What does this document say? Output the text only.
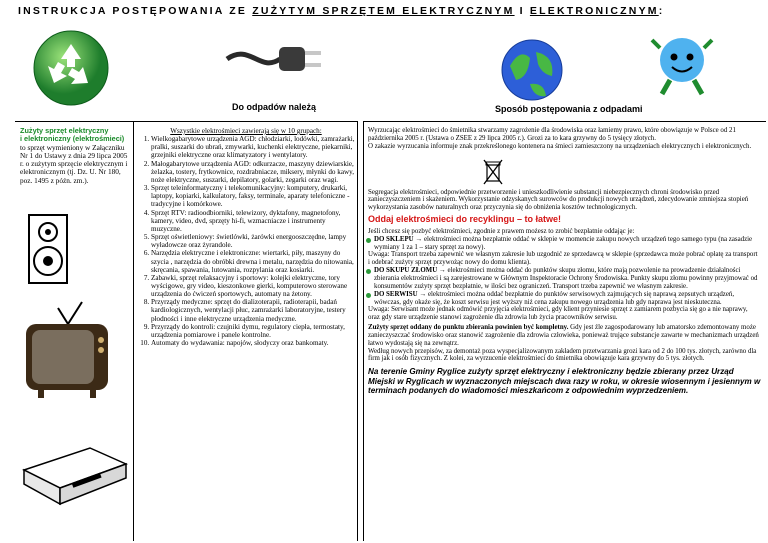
INSTRUKCJA POSTĘPOWANIA ZE ZUŻYTYM SPRZĘTEM ELEKTRYCZNYM I ELEKTRONICZNYM:
Do odpadów należą	Sposób postępowania z odpadami
Zużyty sprzęt elektryczny
i elektroniczny (elektrośmieci)
to sprzęt wymieniony w Załączniku Nr 1 do Ustawy z dnia 29 lipca 2005 r. o zużytym sprzęcie elektrycznym i elektronicznym (tj. Dz. U. Nr 180, poz. 1495 z późn. zm.).
Wszystkie elektrośmieci zawierają się w 10 grupach:
1. Wielkogabarytowe urządzenia AGD: chłodziarki, lodówki, zamrażarki, pralki, suszarki do ubrań, zmywarki, kuchenki elektryczne, piekarniki, grzejniki elektryczne oraz klimatyzatory i wentylatory.
2. Małogabarytowe urządzenia AGD: odkurzacze, maszyny dziewiarskie, żelazka, tostery, frytkownice, rozdrabniacze, miksery, młynki do kawy, noże elektryczne, suszarki, depilatory, golarki, zegarki oraz wagi.
3. Sprzęt teleinformatyczny i telekomunikacyjny: komputery, drukarki, laptopy, kopiarki, kalkulatory, faksy, terminale, aparaty telefoniczne - tradycyjne i komórkowe.
4. Sprzęt RTV: radioodbiorniki, telewizory, dyktafony, magnetofony, kamery, video, dvd, sprzęty hi-fi, wzmacniacze i instrumenty muzyczne.
5. Sprzęt oświetleniowy: świetlówki, żarówki energooszczędne, lampy wyładowcze oraz żyrandole.
6. Narzędzia elektryczne i elektroniczne: wiertarki, piły, maszyny do szycia , narzędzia do obróbki drewna i metalu, narzędzia do nitowania, skręcania, spawania, lutowania, rozpylania oraz kosiarki.
7. Zabawki, sprzęt relaksacyjny i sportowy: kolejki elektryczne, tory wyścigowe, gry video, kieszonkowe gierki, komputerowo sterowane urządzenia do ćwiczeń sportowych, automaty na żetony.
8. Przyrządy medyczne: sprzęt do dializoterapii, radioterapii, badań kardiologicznych, wentylacji płuc, zamrażarki laboratoryjne, testery płodności i inne elektryczne urządzenia medyczne.
9. Przyrządy do kontroli: czujniki dymu, regulatory ciepła, termostaty, urządzenia pomiarowe i panele kontrolne.
10. Automaty do wydawania: napojów, słodyczy oraz bankomaty.
Wyrzucając elektrośmieci do śmietnika stwarzamy zagrożenie dla środowiska oraz łamiemy prawo, które obowiązuje w Polsce od 21 października 2005 r. (Ustawa o ZSEE z 29 lipca 2005 r.). Grozi za to kara grzywny do 5 tysięcy złotych.
O zakazie wyrzucania informuje znak przekreślonego kontenera na śmieci zamieszczony na urządzeniach elektrycznych i elektronicznych.
Segregacja elektrośmieci, odpowiednie przetworzenie i unieszkodliwienie substancji niebezpiecznych chroni środowisko przed zanieczyszczeniem i skażeniem. Wykorzystanie odzyskanych surowców do produkcji nowych urządzeń, zdecydowanie zmniejsza stopień wykorzystania zasobów naturalnych oraz przyczynia się do obniżenia kosztów technologicznych.
Oddaj elektrośmieci do recyklingu – to łatwe!
Jeśli chcesz się pozbyć elektrośmieci, zgodnie z prawem możesz to zrobić bezpłatnie oddając je:
DO SKLEPU → elektrośmieci można bezpłatnie oddać w sklepie w momencie zakupu nowych urządzeń tego samego typu (na zasadzie wymiany 1 za 1 – stary sprzęt za nowy).
Uwaga: Transport trzeba zapewnić we własnym zakresie lub uzgodnić ze sprzedawcą w sklepie (sprzedawca może pobrać opłatę za transport i odebrać zużyty sprzęt przywożąc nowy do domu klienta).
DO SKUPU ZŁOMU → elektrośmieci można oddać do punktów skupu złomu, które mają pozwolenie na prowadzenie działalności zbierania elektrośmieci i są zarejestrowane w Głównym Inspektoracie Ochrony Środowiska. Punkty skupu złomu powinny przyjmować od konsumentów zużyty sprzęt bezpłatnie, w ilości bez ograniczeń. Transport trzeba zapewnić we własnym zakresie.
DO SERWISU → elektrośmieci można oddać bezpłatnie do punktów serwisowych zajmujących się naprawą zepsutych urządzeń, wówczas, gdy okaże się, że koszt serwisu jest wyższy niż cena zakupu nowego urządzenia lub gdy naprawa jest nieskuteczna.
Uwaga: Serwisant może jednak odmówić przyjęcia elektrośmieci, gdy klient przyniesie sprzęt z zamiarem pozbycia się go a nie naprawy, oraz gdy stare urządzenie stanowi zagrożenie dla zdrowia lub życia pracowników serwisu.
Zużyty sprzęt oddany do punktu zbierania powinien być kompletny. Gdy jest źle zagospodarowany lub amatorsko zdemontowany może zanieczyszczać środowisko oraz stanowić zagrożenie dla zdrowia człowieka, ponieważ trujące substancje zawarte w mechanizmach urządzeń łatwo wydostają się na zewnątrz.
Według nowych przepisów, za demontaż poza wyspecjalizowanym zakładem przetwarzania grozi kara od 2 do 100 tys. złotych, zarówno dla firm jak i osób fizycznych. Z kolei, za wyrzucenie elektrośmieci do śmietnika obowiązuje kara grzywny do 5 tys. złotych.
Na terenie Gminy Ryglice zużyty sprzęt elektryczny i elektroniczny będzie zbierany przez Urząd Miejski w Ryglicach w wyznaczonych miejscach dwa razy w roku, w okresie wiosennym i jesiennym w terminach podanych do wiadomości mieszkańcom z odpowiednim wyprzedzeniem.
